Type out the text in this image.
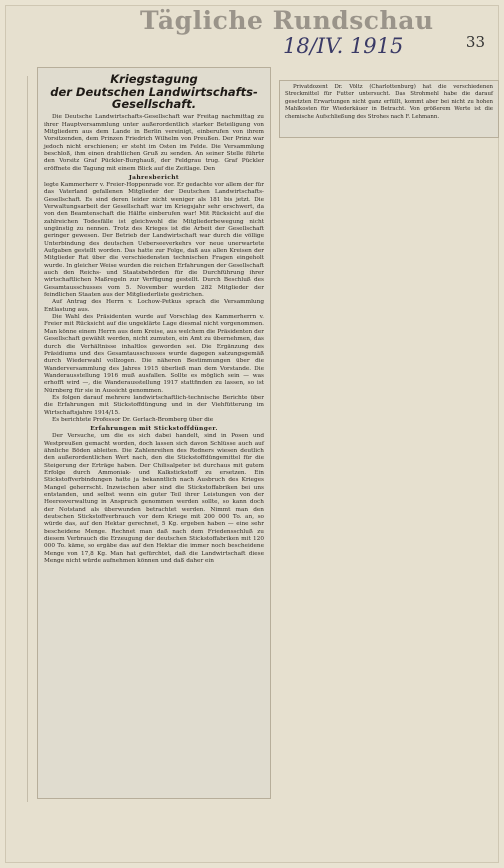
Tägliche Rundschau
18/IV. 1915	33
Kriegstagung
der Deutschen Landwirtschafts-Gesellschaft.

Die Deutsche Landwirtschafts-Gesellschaft war Freitag nachmittag zu ihrer Hauptversammlung unter außerordentlich starker Beteiligung von Mitgliedern aus dem Lande in Berlin vereinigt, einberufen von ihrem Vorsitzenden, dem Prinzen Friedrich Wilhelm von Preußen. Der Prinz war jedoch nicht erschienen; er steht im Osten im Felde. Die Versammlung beschloß, ihm einen drahtlichen Gruß zu senden. An seiner Stelle führte den Vorsitz Graf Pückler-Burghauß, der Feldgrau trug. Graf Pückler eröffnete die Tagung mit einem Blick auf die Zeitlage. Den

Jahresbericht

legte Kammerherr v. Freier-Hoppenrade vor. Er gedachte vor allem der für das Vaterland gefallenen Mitglieder der Deutschen Landwirtschafts-Gesellschaft. Es sind deren leider nicht weniger als 181 bis jetzt. Die Verwaltungsarbeit der Gesellschaft war im Kriegsjahr sehr erschwert, da von den Beamtenschaft die Hälfte einberufen war! Mit Rücksicht auf die zahlreichen Todesfälle ist gleichwohl die Mitgliederbewegung nicht ungünstig zu nennen. Trotz des Krieges ist die Arbeit der Gesellschaft geringer gewesen. Der Betrieb der Landwirtschaft war durch die völlige Unterbindung des deutschen Ueberseeverkehrs vor neue unerwartete Aufgaben gestellt worden. Das hatte zur Folge, daß aus allen Kreisen der Mitglieder Rat über die verschiedensten technischen Fragen eingeholt wurde. In gleicher Weise wurden die reichen Erfahrungen der Gesellschaft auch den Reichs- und Staatsbehörden für die Durchführung ihrer wirtschaftlichen Maßregeln zur Verfügung gestellt. Durch Beschluß des Gesamtausschusses vom 5. November wurden 282 Mitglieder der feindlichen Staaten aus der Mitgliederliste gestrichen.

Auf Antrag des Herrn v. Lochow-Petkus sprach die Versammlung Entlastung aus.

Die Wahl des Präsidenten wurde auf Vorschlag des Kammerherrn v. Freier mit Rücksicht auf die ungeklärte Lage diesmal nicht vorgenommen. Man könne einem Herrn aus dem Kreise, aus welchem die Präsidenten der Gesellschaft gewählt werden, nicht zumuten, ein Amt zu übernehmen, das durch die Verhältnisse inhaltlos geworden sei. Die Ergänzung des Präsidiums und des Gesamtausschusses wurde dagegen satzungsgemäß durch Wiederwahl vollzogen. Die näheren Bestimmungen über die Wanderversammlung des Jahres 1915 überließ man dem Vorstande. Die Wanderausstellung 1916 muß ausfallen. Sollte es möglich sein — was erhofft wird —, die Wanderausstellung 1917 stattfinden zu lassen, so ist Nürnberg für sie in Aussicht genommen.

Es folgen darauf mehrere landwirtschaftlich-technische Berichte über die Erfahrungen mit Stickstoffdüngung und in der Viehfütterung im Wirtschaftsjahre 1914/15.

Es berichtete Professor Dr. Gerlach-Bromberg über die

Erfahrungen mit Stickstoffdünger.

Der Versuche, um die es sich dabei handelt, sind in Posen und Westpreußen gemacht worden, doch lassen sich davon Schlüsse auch auf ähnliche Böden ableiten. Die Zahlenreihen des Redners wiesen deutlich den außerordentlichen Wert nach, den die Stickstoffdüngemittel für die Steigerung der Erträge haben. Der Chilisalpeter ist durchaus mit gutem Erfolge durch Ammoniak- und Kalkstickstoff zu ersetzen. Ein Stickstoffverbindungen hatte ja bekanntlich nach Ausbruch des Krieges Mangel geherrscht. Inzwischen aber sind die Stickstoffabriken bei uns entstanden, und selbst wenn ein guter Teil ihrer Leistungen von der Heeresverwaltung in Anspruch genommen werden sollte, so kann doch der Notstand als überwunden betrachtet werden. Nimmt man den deutschen Stickstoffverbrauch vor dem Kriege mit 200 000 To. an, so würde das, auf den Hektar gerechnet, 5 Kg. ergeben haben — eine sehr bescheidene Menge. Rechnet man daß nach dem Friedensschluß zu diesem Verbrauch die Erzeugung der deutschen Stickstoffabriken mit 120 000 To. käme, so ergäbe das auf den Hektar die immer noch bescheidene Menge von 17,8 Kg. Man hat gefürchtet, daß die Landwirtschaft diese Menge nicht würde aufnehmen können und daß daher ein

Privatdozent Dr. Völtz (Charlottenburg) hat die verschiedenen Streckmittel für Futter untersucht. Das Strohmehl habe die darauf gesetzten Erwartungen nicht ganz erfüllt, kommt aber bei nicht zu hohen Mahlkosten für Wiederkäuer in Betracht. Von größerem Werte ist die chemische Aufschließung des Strohes nach F. Lehmann.
